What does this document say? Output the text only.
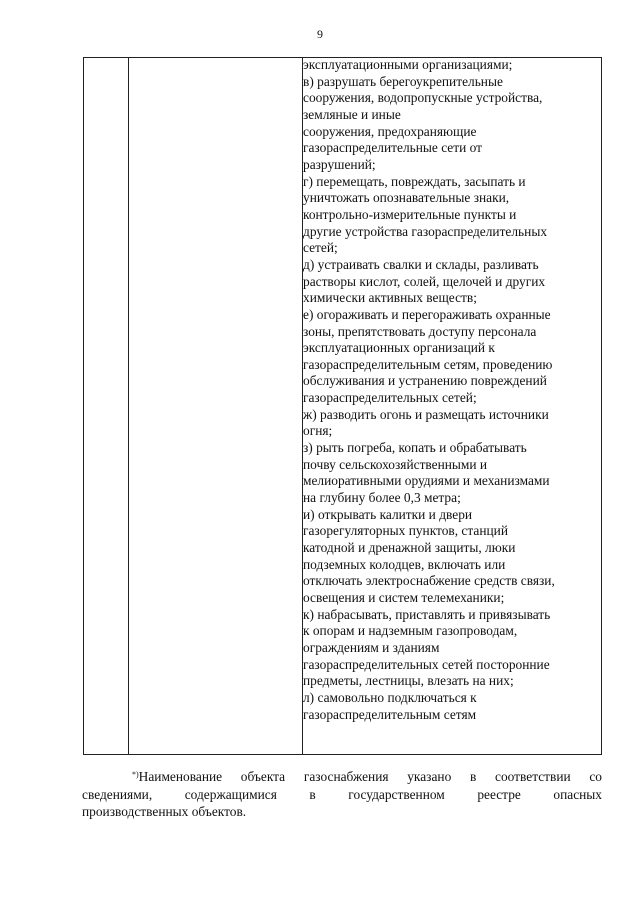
9

эксплуатационными организациями;
в) разрушать берегоукрепительные
сооружения, водопропускные устройства,
земляные и иные
сооружения, предохраняющие
газораспределительные сети от
разрушений;
г) перемещать, повреждать, засыпать и
уничтожать опознавательные знаки,
контрольно-измерительные пункты и
другие устройства газораспределительных
сетей;
д) устраивать свалки и склады, разливать
растворы кислот, солей, щелочей и других
химически активных веществ;
е) огораживать и перегораживать охранные
зоны, препятствовать доступу персонала
эксплуатационных организаций к
газораспределительным сетям, проведению
обслуживания и устранению повреждений
газораспределительных сетей;
ж) разводить огонь и размещать источники
огня;
з) рыть погреба, копать и обрабатывать
почву сельскохозяйственными и
мелиоративными орудиями и механизмами
на глубину более 0,3 метра;
и) открывать калитки и двери
газорегуляторных пунктов, станций
катодной и дренажной защиты, люки
подземных колодцев, включать или
отключать электроснабжение средств связи,
освещения и систем телемеханики;
к) набрасывать, приставлять и привязывать
к опорам и надземным газопроводам,
ограждениям и зданиям
газораспределительных сетей посторонние
предметы, лестницы, влезать на них;
л) самовольно подключаться к
газораспределительным сетям
*)Наименование объекта газоснабжения указано в соответствии со
сведениями, содержащимися в государственном реестре опасных
производственных объектов.
